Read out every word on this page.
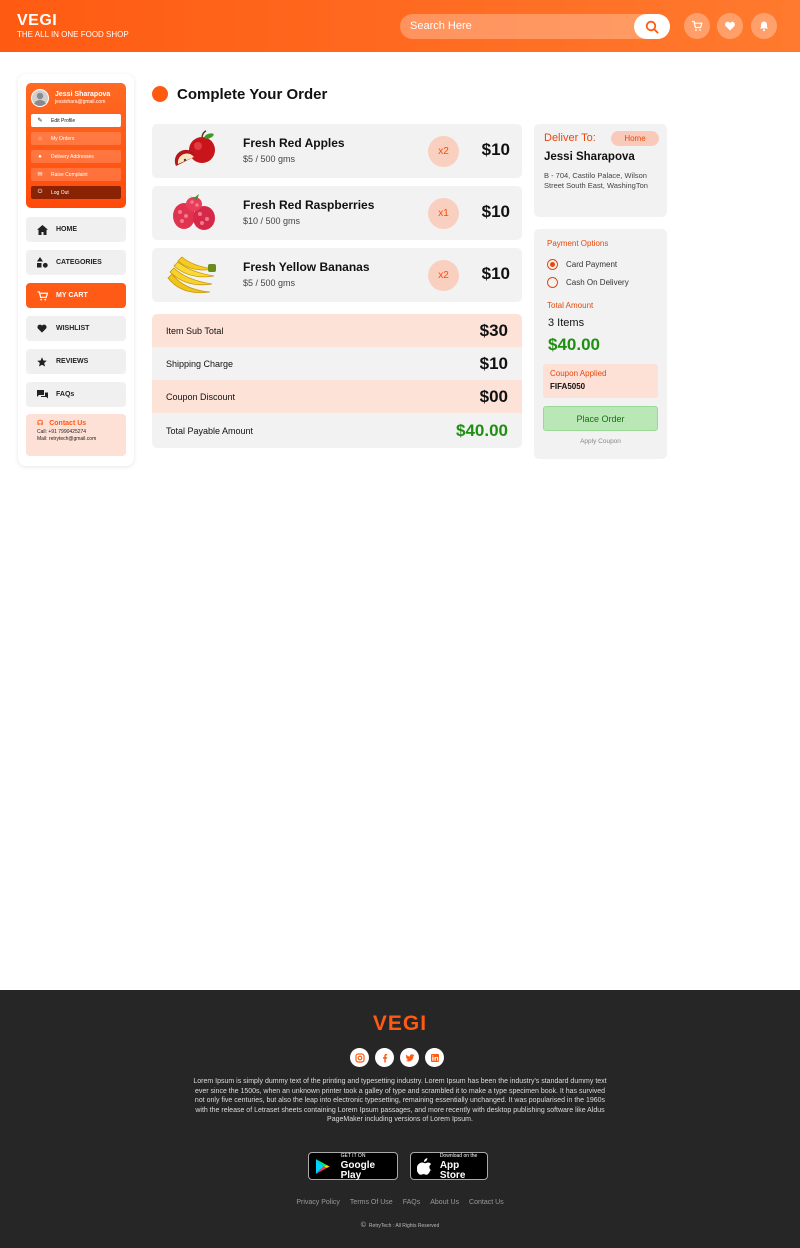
VEGI
THE ALL IN ONE FOOD SHOP
Search Here
Jessi Sharapova
jessishara@gmail.com
✎ Edit Profile
⌂	My Orders
●	Delivery Addresses
✉ Raise Complaint
⏻	Log Out
HOME
CATEGORIES
MY CART
WISHLIST
REVIEWS
FAQs
☊ Contact Us
Call: +91 7990425274
Mail: retrytech@gmail.com
Complete Your Order
Fresh Red Apples
$5 / 500 gms
x2	$10
Fresh Red Raspberries
$10 / 500 gms
x1	$10
Fresh Yellow Bananas
$5 / 500 gms
x2	$10
Item Sub Total	$30
Shipping Charge	$10
Coupon Discount	$00
Total Payable Amount	$40.00
Deliver To:	Home
Jessi Sharapova
B - 704, Castilo Palace, Wilson Street South East, WashingTon
Payment Options
Card Payment
Cash On Delivery
Total Amount
3 Items
$40.00
Coupon Applied
FIFA5050
Place Order
Apply Coupon
VEGI
Lorem Ipsum is simply dummy text of the printing and typesetting industry. Lorem Ipsum has been the industry's standard dummy text ever since the 1500s, when an unknown printer took a galley of type and scrambled it to make a type specimen book. It has survived not only five centuries, but also the leap into electronic typesetting, remaining essentially unchanged. It was popularised in the 1960s with the release of Letraset sheets containing Lorem Ipsum passages, and more recently with desktop publishing software like Aldus PageMaker including versions of Lorem Ipsum.
GET IT ON
Google Play
Download on the
App Store
Privacy Policy Terms Of Use FAQs About Us Contact Us
© RetryTech : All Rights Reserved
